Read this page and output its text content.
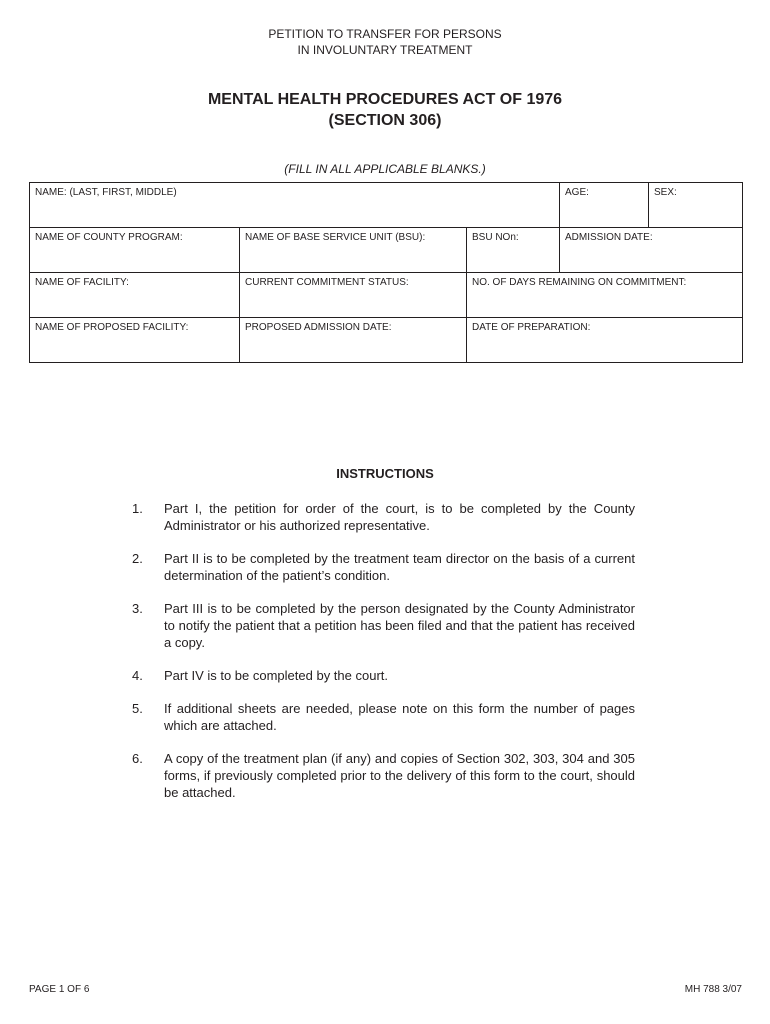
PETITION TO TRANSFER FOR PERSONS
IN INVOLUNTARY TREATMENT
MENTAL HEALTH PROCEDURES ACT OF 1976
(SECTION 306)
(FILL IN ALL APPLICABLE BLANKS.)
NAME: (LAST, FIRST, MIDDLE)			AGE:	SEX:
NAME OF COUNTY PROGRAM:	NAME OF BASE SERVICE UNIT (BSU):	BSU NOn:	ADMISSION DATE:	
NAME OF FACILITY:	CURRENT COMMITMENT STATUS:	NO. OF DAYS REMAINING ON COMMITMENT:		
NAME OF PROPOSED FACILITY:	PROPOSED ADMISSION DATE:	DATE OF PREPARATION:		
INSTRUCTIONS
1.	Part I, the petition for order of the court, is to be completed by the County Administrator or his authorized representative.
2.	Part II is to be completed by the treatment team director on the basis of a current determination of the patient’s condition.
3.	Part III is to be completed by the person designated by the County Administrator to notify the patient that a petition has been filed and that the patient has received a copy.
4.	Part IV is to be completed by the court.
5.	If additional sheets are needed, please note on this form the number of pages which are attached.
6.	A copy of the treatment plan (if any) and copies of Section 302, 303, 304 and 305 forms, if previously completed prior to the delivery of this form to the court, should be attached.
PAGE 1 OF 6	MH 788 3/07
